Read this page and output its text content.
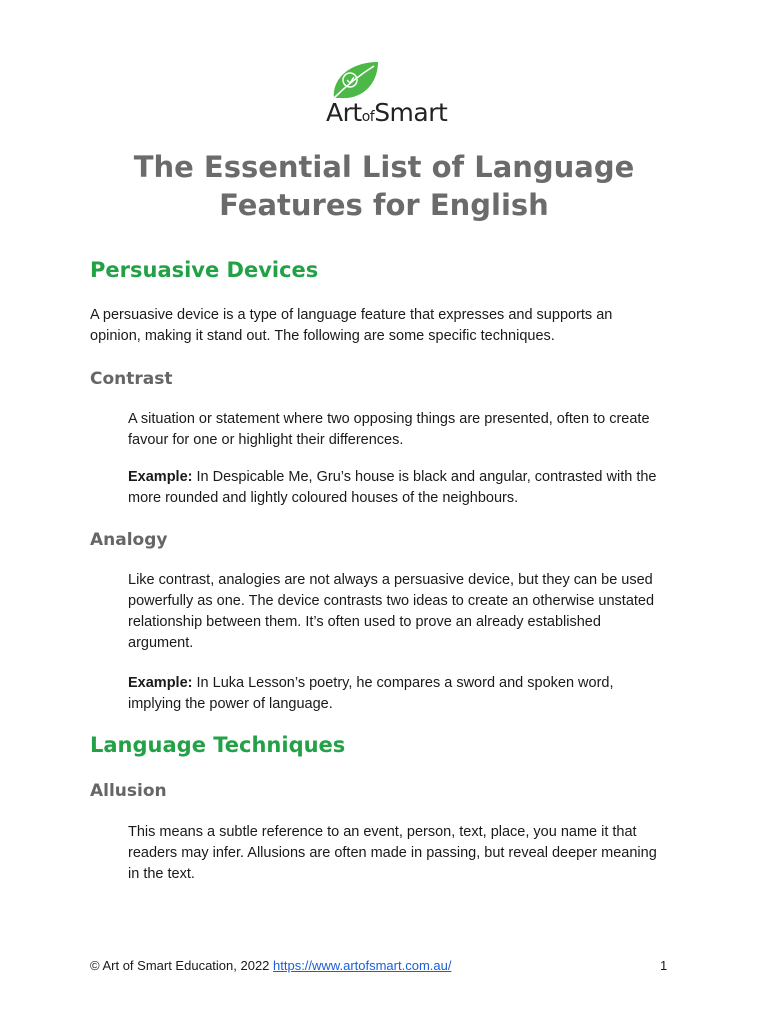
ArtofSmart
The Essential List of Language
Features for English
Persuasive Devices

A persuasive device is a type of language feature that expresses and supports an opinion, making it stand out. The following are some specific techniques.

Contrast

A situation or statement where two opposing things are presented, often to create favour for one or highlight their differences.

Example: In Despicable Me, Gru’s house is black and angular, contrasted with the more rounded and lightly coloured houses of the neighbours.

Analogy

Like contrast, analogies are not always a persuasive device, but they can be used powerfully as one. The device contrasts two ideas to create an otherwise unstated relationship between them. It’s often used to prove an already established argument.

Example: In Luka Lesson’s poetry, he compares a sword and spoken word, implying the power of language.

Language Techniques
Allusion

This means a subtle reference to an event, person, text, place, you name it that readers may infer. Allusions are often made in passing, but reveal deeper meaning in the text.

© Art of Smart Education, 2022 https://www.artofsmart.com.au/	1
